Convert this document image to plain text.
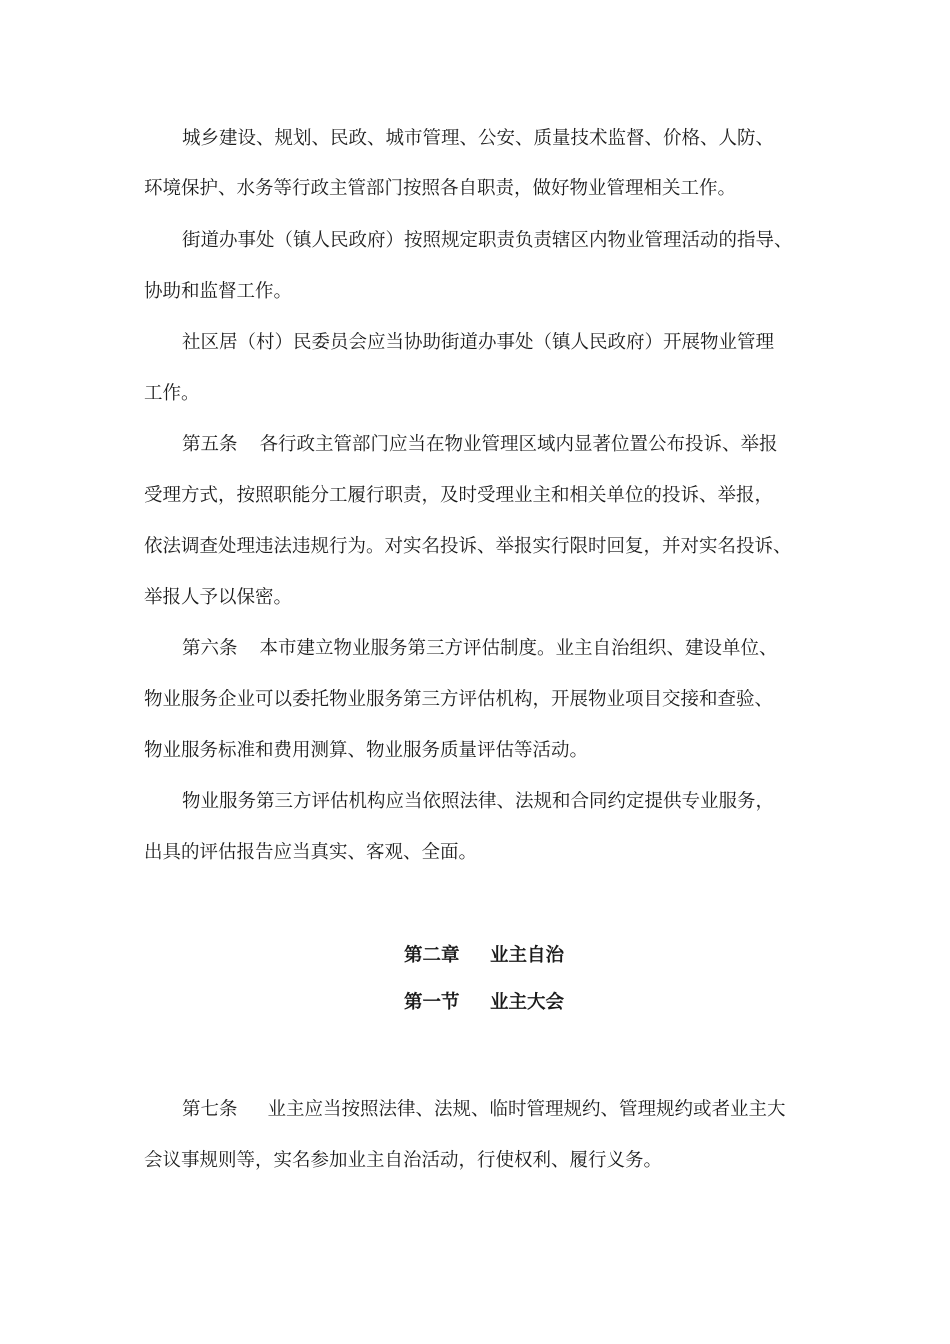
城乡建设、规划、民政、城市管理、公安、质量技术监督、价格、人防、
环境保护、水务等行政主管部门按照各自职责，做好物业管理相关工作。
街道办事处（镇人民政府）按照规定职责负责辖区内物业管理活动的指导、
协助和监督工作。
社区居（村）民委员会应当协助街道办事处（镇人民政府）开展物业管理
工作。
第五条 各行政主管部门应当在物业管理区域内显著位置公布投诉、举报
受理方式，按照职能分工履行职责，及时受理业主和相关单位的投诉、举报，
依法调查处理违法违规行为。对实名投诉、举报实行限时回复，并对实名投诉、
举报人予以保密。
第六条 本市建立物业服务第三方评估制度。业主自治组织、建设单位、
物业服务企业可以委托物业服务第三方评估机构，开展物业项目交接和查验、
物业服务标准和费用测算、物业服务质量评估等活动。
物业服务第三方评估机构应当依照法律、法规和合同约定提供专业服务，
出具的评估报告应当真实、客观、全面。
第二章 业主自治
第一节 业主大会
第七条 业主应当按照法律、法规、临时管理规约、管理规约或者业主大
会议事规则等，实名参加业主自治活动，行使权利、履行义务。
